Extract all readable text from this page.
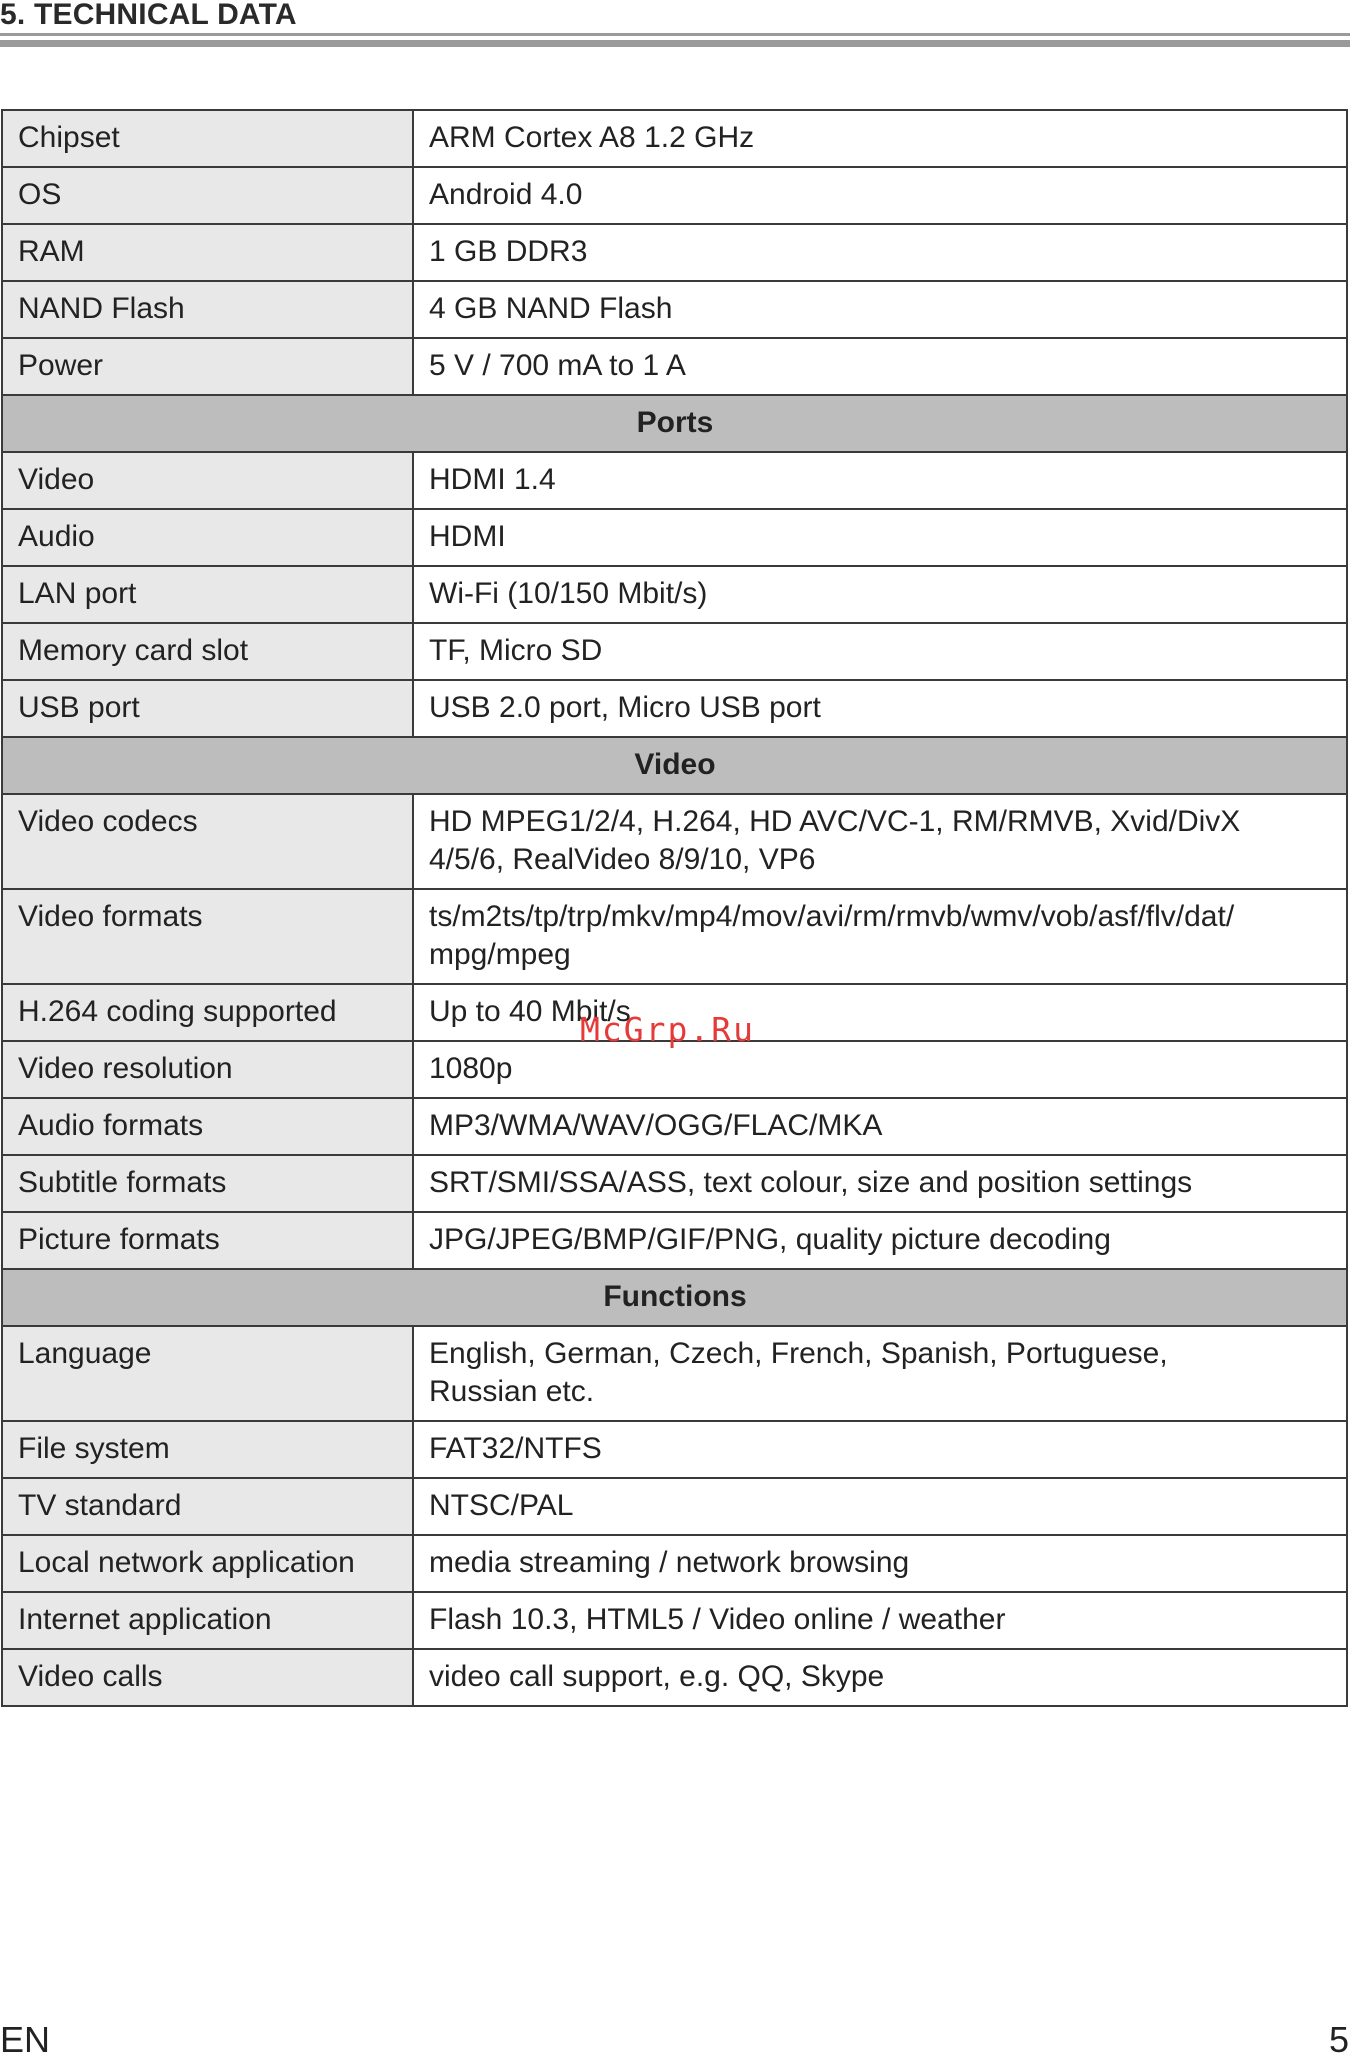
5. TECHNICAL DATA
Chipset	ARM Cortex A8 1.2 GHz
OS	Android 4.0
RAM	1 GB DDR3
NAND Flash	4 GB NAND Flash
Power	5 V / 700 mA to 1 A
Ports	
Video	HDMI 1.4
Audio	HDMI
LAN port	Wi-Fi (10/150 Mbit/s)
Memory card slot	TF, Micro SD
USB port	USB 2.0 port, Micro USB port
Video	
Video codecs	HD MPEG1/2/4, H.264, HD AVC/VC-1, RM/RMVB, Xvid/DivX
4/5/6, RealVideo 8/9/10, VP6

Video formats	ts/m2ts/tp/trp/mkv/mp4/mov/avi/rm/rmvb/wmv/vob/asf/flv/dat/
mpg/mpeg

H.264 coding supported	Up to 40 Mbit/s
Video resolution	1080p
Audio formats	MP3/WMA/WAV/OGG/FLAC/MKA
Subtitle formats	SRT/SMI/SSA/ASS, text colour, size and position settings
Picture formats	JPG/JPEG/BMP/GIF/PNG, quality picture decoding
Functions	
Language	English, German, Czech, French, Spanish, Portuguese,
Russian etc.

File system	FAT32/NTFS
TV standard	NTSC/PAL
Local network application	media streaming / network browsing
Internet application	Flash 10.3, HTML5 / Video online / weather
Video calls	video call support, e.g. QQ, Skype
McGrp.Ru
EN	5
